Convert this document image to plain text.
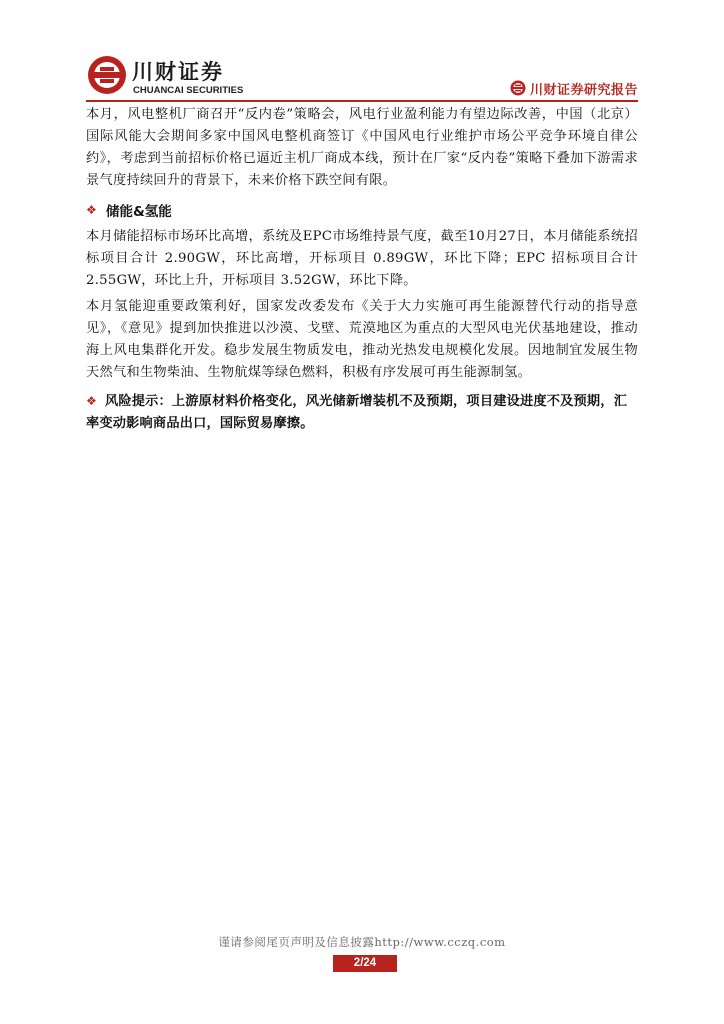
川财证券
CHUANCAI SECURITIES	川财证券研究报告

本月，风电整机厂商召开“反内卷”策略会，风电行业盈利能力有望边际改善，中国（北京）国际风能大会期间多家中国风电整机商签订《中国风电行业维护市场公平竞争环境自律公约》，考虑到当前招标价格已逼近主机厂商成本线，预计在厂家“反内卷”策略下叠加下游需求景气度持续回升的背景下，未来价格下跌空间有限。

❖ 储能&氢能

本月储能招标市场环比高增，系统及EPC市场维持景气度，截至10月27日，本月储能系统招标项目合计 2.90GW，环比高增，开标项目 0.89GW，环比下降；EPC 招标项目合计 2.55GW，环比上升，开标项目 3.52GW，环比下降。

本月氢能迎重要政策利好，国家发改委发布《关于大力实施可再生能源替代行动的指导意见》，《意见》提到加快推进以沙漠、戈壁、荒漠地区为重点的大型风电光伏基地建设，推动海上风电集群化开发。稳步发展生物质发电，推动光热发电规模化发展。因地制宜发展生物天然气和生物柴油、生物航煤等绿色燃料，积极有序发展可再生能源制氢。

❖ 风险提示：上游原材料价格变化，风光储新增装机不及预期，项目建设进度不及预期，汇率变动影响商品出口，国际贸易摩擦。

谨请参阅尾页声明及信息披露http://www.cczq.com
2/24
